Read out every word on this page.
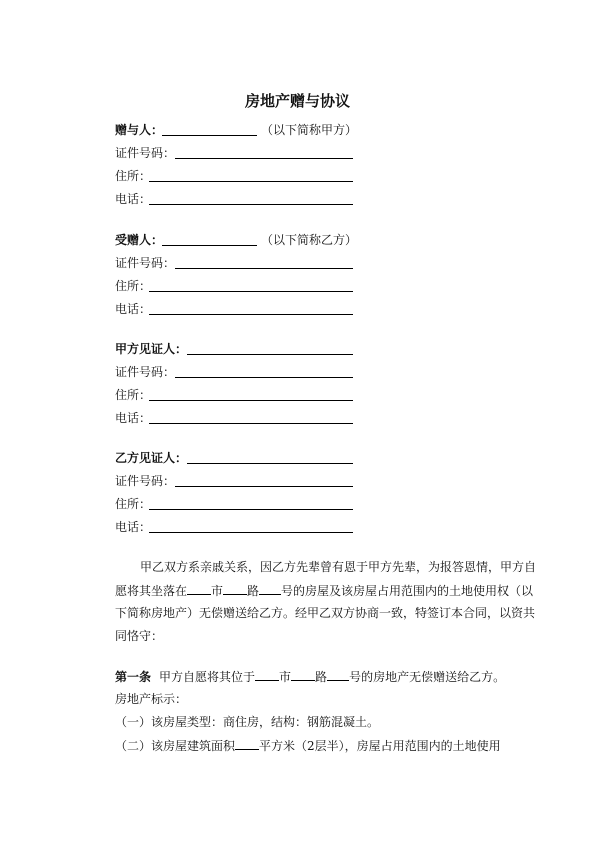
房地产赠与协议
赠与人：	（以下简称甲方）
证件号码：
住所：
电话：
受赠人：	（以下简称乙方）
证件号码：
住所：
电话：
甲方见证人：
证件号码：
住所：
电话：
乙方见证人：
证件号码：
住所：
电话：
甲乙双方系亲戚关系，因乙方先辈曾有恩于甲方先辈，为报答恩情，甲方自
愿将其坐落在 市 路 号的房屋及该房屋占用范围内的土地使用权（以
下简称房地产）无偿赠送给乙方。经甲乙双方协商一致，特签订本合同，以资共
同恪守：
第一条 甲方自愿将其位于 市 路 号的房地产无偿赠送给乙方。
房地产标示：
（一）该房屋类型：商住房，结构：钢筋混凝土。
（二）该房屋建筑面积 平方米（2层半），房屋占用范围内的土地使用
